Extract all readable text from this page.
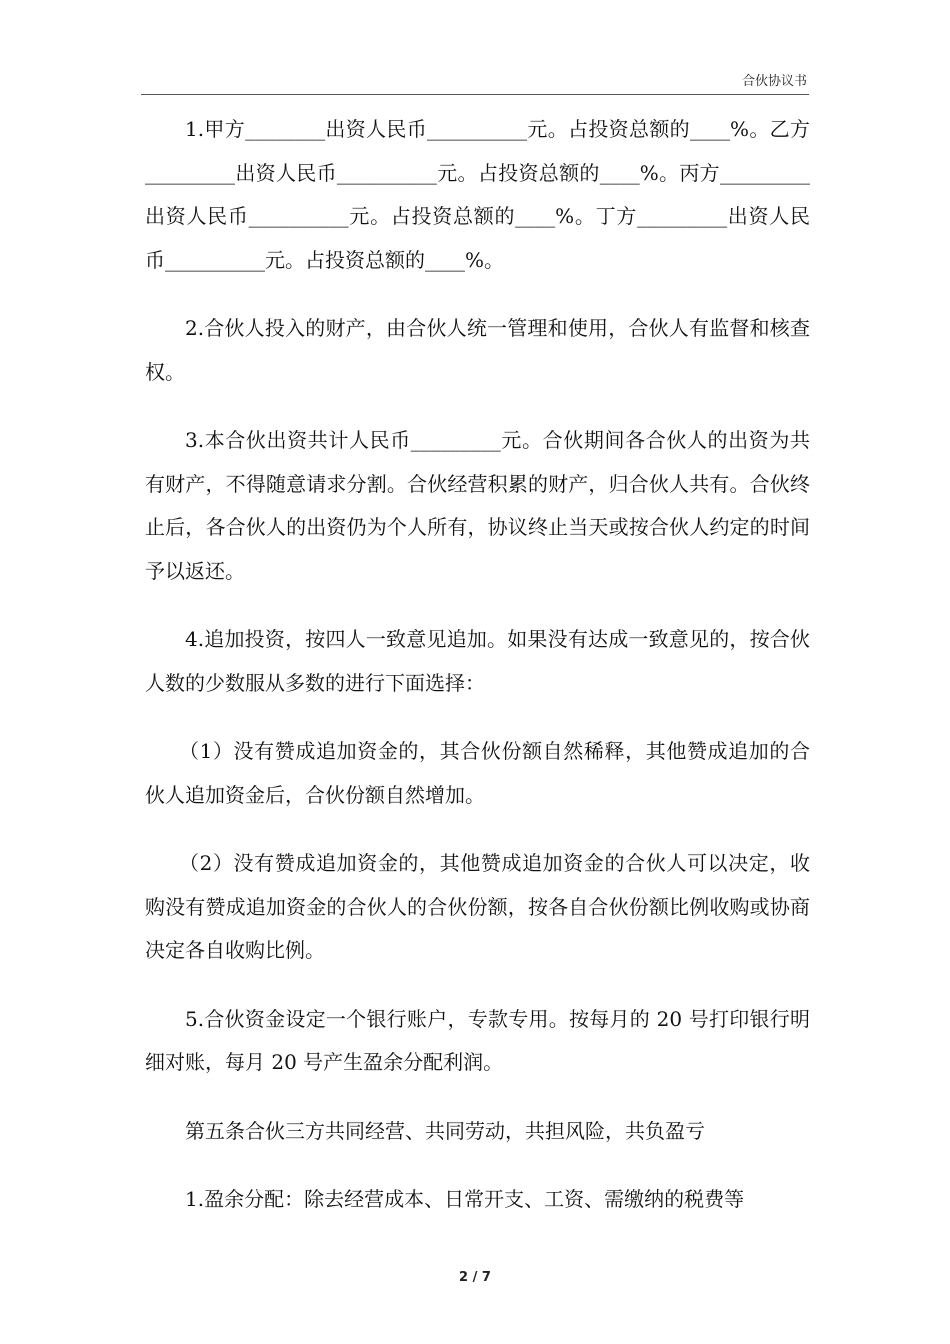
合伙协议书

1.甲方________出资人民币__________元。占投资总额的____%。乙方_________出资人民币__________元。占投资总额的____%。丙方_________出资人民币__________元。占投资总额的____%。丁方_________出资人民币__________元。占投资总额的____%。

2.合伙人投入的财产，由合伙人统一管理和使用，合伙人有监督和核查权。

3.本合伙出资共计人民币_________元。合伙期间各合伙人的出资为共有财产，不得随意请求分割。合伙经营积累的财产，归合伙人共有。合伙终止后，各合伙人的出资仍为个人所有，协议终止当天或按合伙人约定的时间予以返还。

4.追加投资，按四人一致意见追加。如果没有达成一致意见的，按合伙人数的少数服从多数的进行下面选择：

（1）没有赞成追加资金的，其合伙份额自然稀释，其他赞成追加的合伙人追加资金后，合伙份额自然增加。

（2）没有赞成追加资金的，其他赞成追加资金的合伙人可以决定，收购没有赞成追加资金的合伙人的合伙份额，按各自合伙份额比例收购或协商决定各自收购比例。

5.合伙资金设定一个银行账户，专款专用。按每月的 20 号打印银行明细对账，每月 20 号产生盈余分配利润。

第五条合伙三方共同经营、共同劳动，共担风险，共负盈亏

1.盈余分配：除去经营成本、日常开支、工资、需缴纳的税费等

2 / 7
